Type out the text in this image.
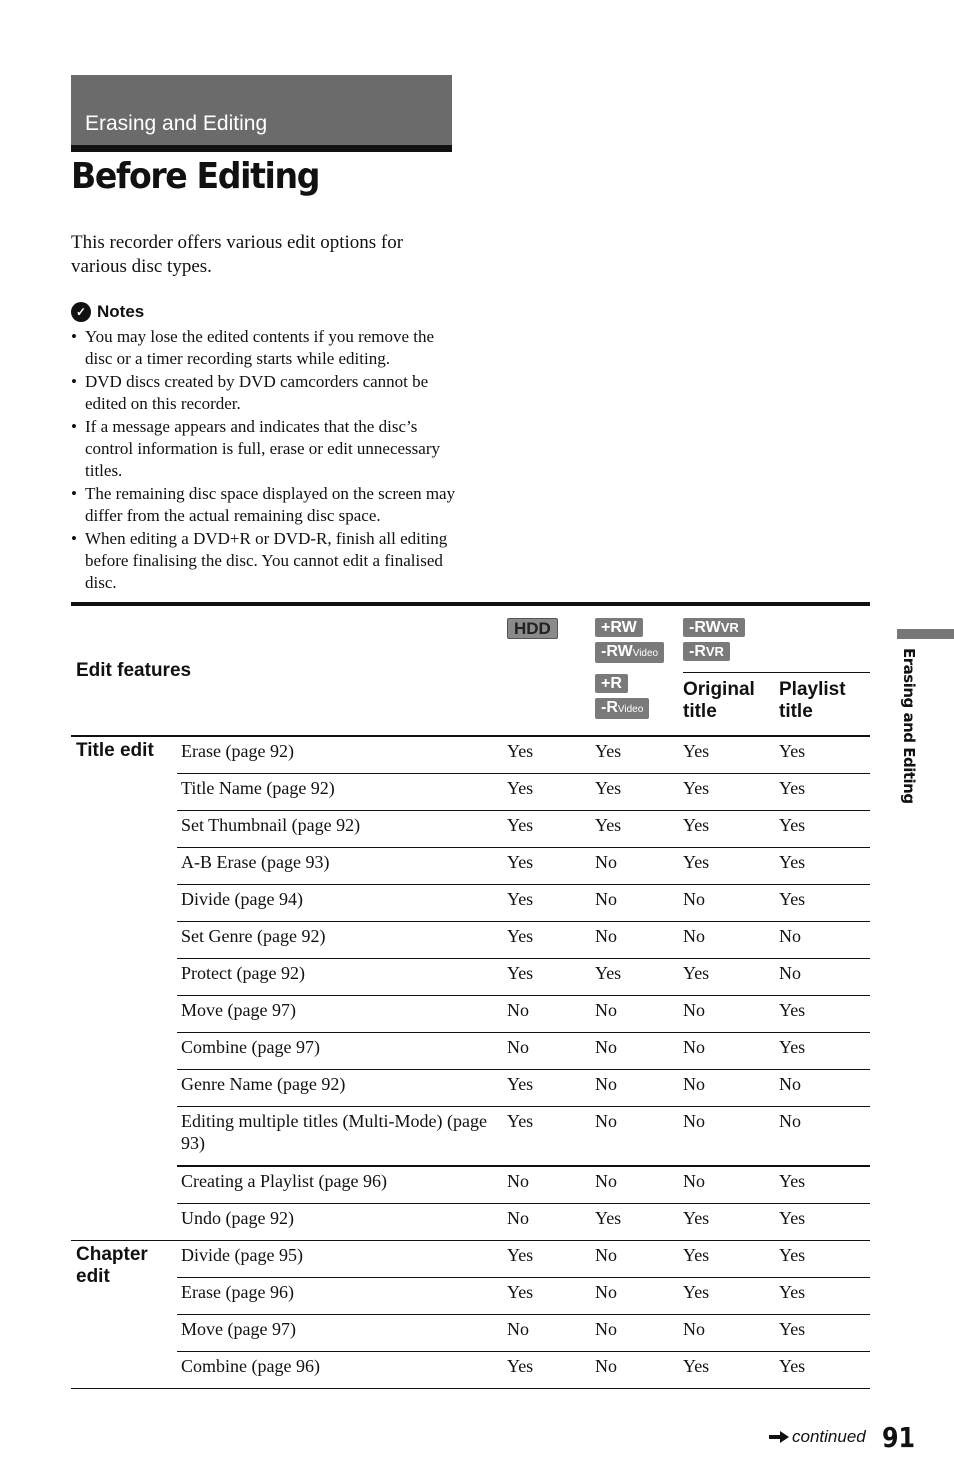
Erasing and Editing
Before Editing

This recorder offers various edit options for various disc types.

✓ Notes
• You may lose the edited contents if you remove the disc or a timer recording starts while editing.
• DVD discs created by DVD camcorders cannot be edited on this recorder.
• If a message appears and indicates that the disc’s control information is full, erase or edit unnecessary titles.
• The remaining disc space displayed on the screen may differ from the actual remaining disc space.
• When editing a DVD+R or DVD-R, finish all editing before finalising the disc. You cannot edit a finalised disc.
Edit features		HDD	+RW
-RWVideo
+R
-RVideo	-RWVR
-RVR	

				Original title	Playlist title
Title edit	Erase (page 92)	Yes	Yes	Yes	Yes
	Title Name (page 92)	Yes	Yes	Yes	Yes
	Set Thumbnail (page 92)	Yes	Yes	Yes	Yes
	A-B Erase (page 93)	Yes	No	Yes	Yes
	Divide (page 94)	Yes	No	No	Yes
	Set Genre (page 92)	Yes	No	No	No
	Protect (page 92)	Yes	Yes	Yes	No
	Move (page 97)	No	No	No	Yes
	Combine (page 97)	No	No	No	Yes
	Genre Name (page 92)	Yes	No	No	No
	Editing multiple titles (Multi-Mode) (page 93)	Yes	No	No	No
	Creating a Playlist (page 96)	No	No	No	Yes
	Undo (page 92)	No	Yes	Yes	Yes
Chapter edit	Divide (page 95)	Yes	No	Yes	Yes
	Erase (page 96)	Yes	No	Yes	Yes
	Move (page 97)	No	No	No	Yes
	Combine (page 96)	Yes	No	Yes	Yes
Erasing and Editing
continued 91
